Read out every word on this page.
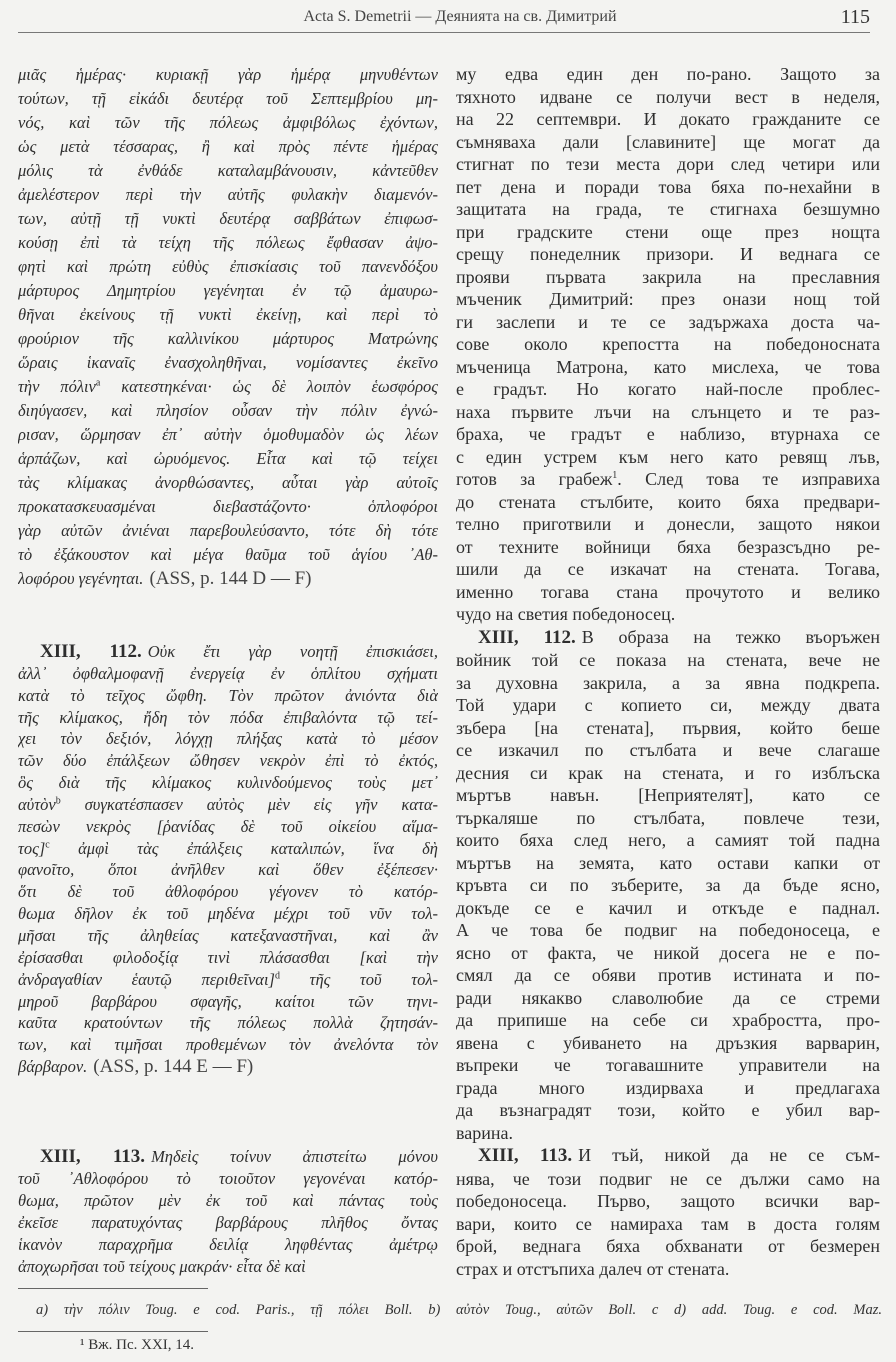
Acta S. Demetrii — Деянията на св. Димитрий	115
μιᾶς ἡμέρας· κυριακῇ γὰρ ἡμέρᾳ μηνυθέντων
τούτων, τῇ εἰκάδι δευτέρᾳ τοῦ Σεπτεμβρίου μη-
νός, καὶ τῶν τῆς πόλεως ἀμφιβόλως ἐχόντων,
ὡς μετὰ τέσσαρας, ἢ καὶ πρὸς πέντε ἡμέρας
μόλις τὰ ἐνθάδε καταλαμβάνουσιν, κἀντεῦθεν
ἀμελέστερον περὶ τὴν αὐτῆς φυλακὴν διαμενόν-
των, αὐτῇ τῇ νυκτὶ δευτέρᾳ σαββάτων ἐπιφωσ-
κούσῃ ἐπὶ τὰ τείχη τῆς πόλεως ἔφθασαν ἀψο-
φητὶ καὶ πρώτη εὐθὺς ἐπισκίασις τοῦ πανενδόξου
μάρτυρος Δημητρίου γεγένηται ἐν τῷ ἀμαυρω-
θῆναι ἐκείνους τῇ νυκτὶ ἐκείνῃ, καὶ περὶ τὸ
φρούριον τῆς καλλινίκου μάρτυρος Ματρώνης
ὥραις ἱκαναῖς ἐνασχοληθῆναι, νομίσαντες ἐκεῖνο
τὴν πόλιν$^a$ κατεστηκέναι· ὡς δὲ λοιπὸν ἑωσφόρος
διηύγασεν, καὶ πλησίον οὖσαν τὴν πόλιν ἐγνώ-
ρισαν, ὥρμησαν ἐπ᾽ αὐτὴν ὁμοθυμαδὸν ὡς λέων
ἁρπάζων, καὶ ὠρυόμενος. Εἶτα καὶ τῷ τείχει
τὰς κλίμακας ἀνορθώσαντες, αὗται γὰρ αὐτοῖς
προκατασκευασμέναι διεβαστάζοντο· ὁπλοφόροι
γὰρ αὐτῶν ἀνιέναι παρεβουλεύσαντο, τότε δὴ τότε
τὸ ἐξάκουστον καὶ μέγα θαῦμα τοῦ ἁγίου ᾿Αθ-
λοφόρου γεγένηται. (ASS, p. 144 D — F)
XIII, 112. Οὐκ ἔτι γὰρ νοητῇ ἐπισκιάσει,
ἀλλ᾽ ὀφθαλμοφανῇ ἐνεργείᾳ ἐν ὁπλίτου σχήματι
κατὰ τὸ τεῖχος ὤφθη. Τὸν πρῶτον ἀνιόντα διὰ
τῆς κλίμακος, ἤδη τὸν πόδα ἐπιβαλόντα τῷ τεί-
χει τὸν δεξιόν, λόγχῃ πλήξας κατὰ τὸ μέσον
τῶν δύο ἐπάλξεων ὤθησεν νεκρὸν ἐπὶ τὸ ἐκτός,
ὃς διὰ τῆς κλίμακος κυλινδούμενος τοὺς μετ᾽
αὐτὸν$^b$ συγκατέσπασεν αὐτὸς μὲν εἰς γῆν κατα-
πεσὼν νεκρὸς [ῥανίδας δὲ τοῦ οἰκείου αἵμα-
τος]$^c$ ἀμφὶ τὰς ἐπάλξεις καταλιπών, ἵνα δὴ
φανοῖτο, ὅποι ἀνῆλθεν καὶ ὅθεν ἐξέπεσεν·
ὅτι δὲ τοῦ ἀθλοφόρου γέγονεν τὸ κατόρ-
θωμα δῆλον ἐκ τοῦ μηδένα μέχρι τοῦ νῦν τολ-
μῆσαι τῆς ἀληθείας κατεξαναστῆναι, καὶ ἂν
ἐρίσασθαι φιλοδοξίᾳ τινὶ πλάσασθαι [καὶ τὴν
ἀνδραγαθίαν ἑαυτῷ περιθεῖναι]$^d$ τῆς τοῦ τολ-
μηροῦ βαρβάρου σφαγῆς, καίτοι τῶν τηνι-
καῦτα κρατούντων τῆς πόλεως πολλὰ ζητησάν-
των, καὶ τιμῆσαι προθεμένων τὸν ἀνελόντα τὸν
βάρβαρον. (ASS, p. 144 E — F)
XIII, 113. Μηδεὶς τοίνυν ἀπιστείτω μόνου
τοῦ ᾿Αθλοφόρου τὸ τοιοῦτον γεγονέναι κατόρ-
θωμα, πρῶτον μὲν ἐκ τοῦ καὶ πάντας τοὺς
ἐκεῖσε παρατυχόντας βαρβάρους πλῆθος ὄντας
ἱκανὸν παραχρῆμα δειλίᾳ ληφθέντας ἀμέτρῳ
ἀποχωρῆσαι τοῦ τείχους μακράν· εἶτα δὲ καὶ
му едва един ден по-рано. Защото за
тяхното идване се получи вест в неделя,
на 22 септември. И докато гражданите се
съмняваха дали [славините] ще могат да
стигнат по тези места дори след четири или
пет дена и поради това бяха по-нехайни в
защитата на града, те стигнаха безшумно
при градските стени още през нощта
срещу понеделник призори. И веднага се
прояви първата закрила на преславния
мъченик Димитрий: през онази нощ той
ги заслепи и те се задържаха доста ча-
сове около крепостта на победоносната
мъченица Матрона, като мислеха, че това
е градът. Но когато най-после проблес-
наха първите лъчи на слънцето и те раз-
браха, че градът е наблизо, втурнаха се
с един устрем към него като ревящ лъв,
готов за грабеж$^1$. След това те изправиха
до стената стълбите, които бяха предвари-
телно приготвили и донесли, защото някои
от техните войници бяха безразсъдно ре-
шили да се изкачат на стената. Тогава,
именно тогава стана прочутото и велико
чудо на светия победоносец.
XIII, 112. В образа на тежко въоръжен
войник той се показа на стената, вече не
за духовна закрила, а за явна подкрепа.
Той удари с копието си, между двата
зъбера [на стената], първия, който беше
се изкачил по стълбата и вече слагаше
десния си крак на стената, и го изблъска
мъртъв навън. [Неприятелят], като се
търкаляше по стълбата, повлече тези,
които бяха след него, а самият той падна
мъртъв на земята, като остави капки от
кръвта си по зъберите, за да бъде ясно,
докъде се е качил и откъде е паднал.
А че това бе подвиг на победоносеца, е
ясно от факта, че никой досега не е по-
смял да се обяви против истината и по-
ради някакво славолюбие да се стреми
да припише на себе си храбростта, про-
явена с убиването на дръзкия варварин,
въпреки че тогавашните управители на
града много издирваха и предлагаха
да възнаградят този, който е убил вар-
варина.
XIII, 113. И тъй, никой да не се съм-
нява, че този подвиг не се дължи само на
победоносеца. Първо, защото всички вар-
вари, които се намираха там в доста голям
брой, веднага бяха обхванати от безмерен
страх и отстъпиха далеч от стената.
a) τὴν πόλιν Toug. e cod. Paris., τῇ πόλει Boll. b) αὐτὸν Toug., αὐτῶν Boll. c d) add. Toug. e cod. Maz.
¹ Вж. Пс. XXI, 14.
